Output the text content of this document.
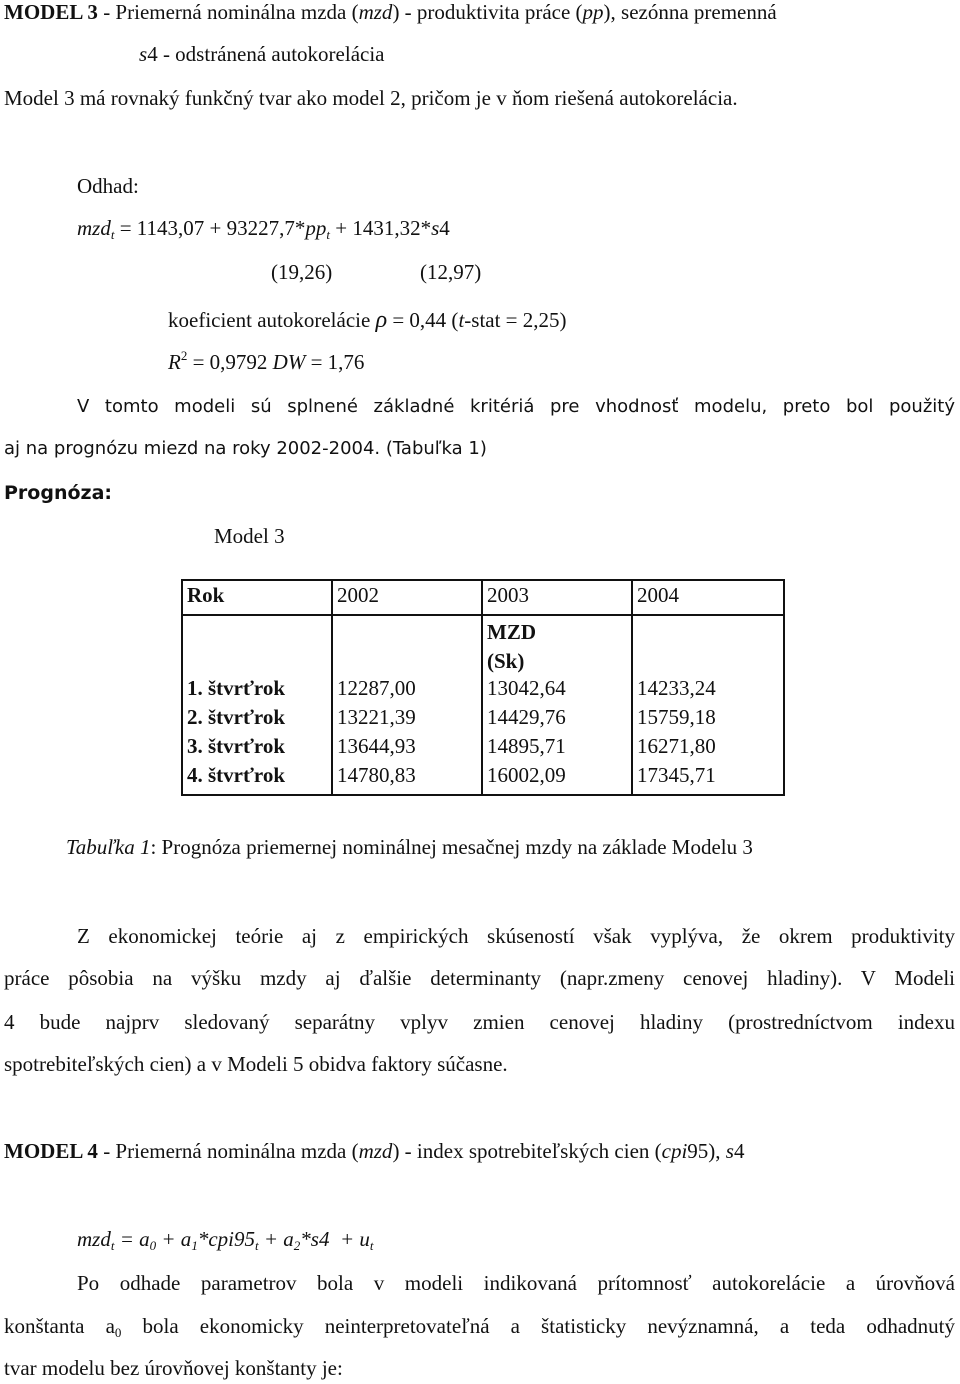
MODEL 3 - Priemerná nominálna mzda (mzd) - produktivita práce (pp), sezónna premenná
s4 - odstránená autokorelácia
Model 3 má rovnaký funkčný tvar ako model 2, pričom je v ňom riešená autokorelácia.
Odhad:
$mzd_t = 1143,07 + 93227,7*pp_t + 1431,32*s4$
(19,26)	(12,97)
koeficient autokorelácie ρ = 0,44 (t-stat = 2,25)
$R^2 = 0,9792$ DW = 1,76
V tomto modeli sú splnené základné kritériá pre vhodnosť modelu, preto bol použitý
aj na prognózu miezd na roky 2002-2004. (Tabuľka 1)
Prognóza:
Model 3
Rok	2002	2003	2004

		MZD
(Sk)	

1. štvrťrok	12287,00	13042,64	14233,24
2. štvrťrok	13221,39	14429,76	15759,18
3. štvrťrok	13644,93	14895,71	16271,80
4. štvrťrok	14780,83	16002,09	17345,71
Tabuľka 1: Prognóza priemernej nominálnej mesačnej mzdy na základe Modelu 3
Z ekonomickej teórie aj z empirických skúseností však vyplýva, že okrem produktivity
práce pôsobia na výšku mzdy aj ďalšie determinanty (napr.zmeny cenovej hladiny). V Modeli
4 bude najprv sledovaný separátny vplyv zmien cenovej hladiny (prostredníctvom indexu
spotrebiteľských cien) a v Modeli 5 obidva faktory súčasne.
MODEL 4 - Priemerná nominálna mzda (mzd) - index spotrebiteľských cien (cpi95), s4
$mzd_t = a_0 + a_1*cpi95_t + a_2*s4 + u_t$
Po odhade parametrov bola v modeli indikovaná prítomnosť autokorelácie a úrovňová
konštanta $a_0$ bola ekonomicky neinterpretovateľná a štatisticky nevýznamná, a teda odhadnutý
tvar modelu bez úrovňovej konštanty je:
